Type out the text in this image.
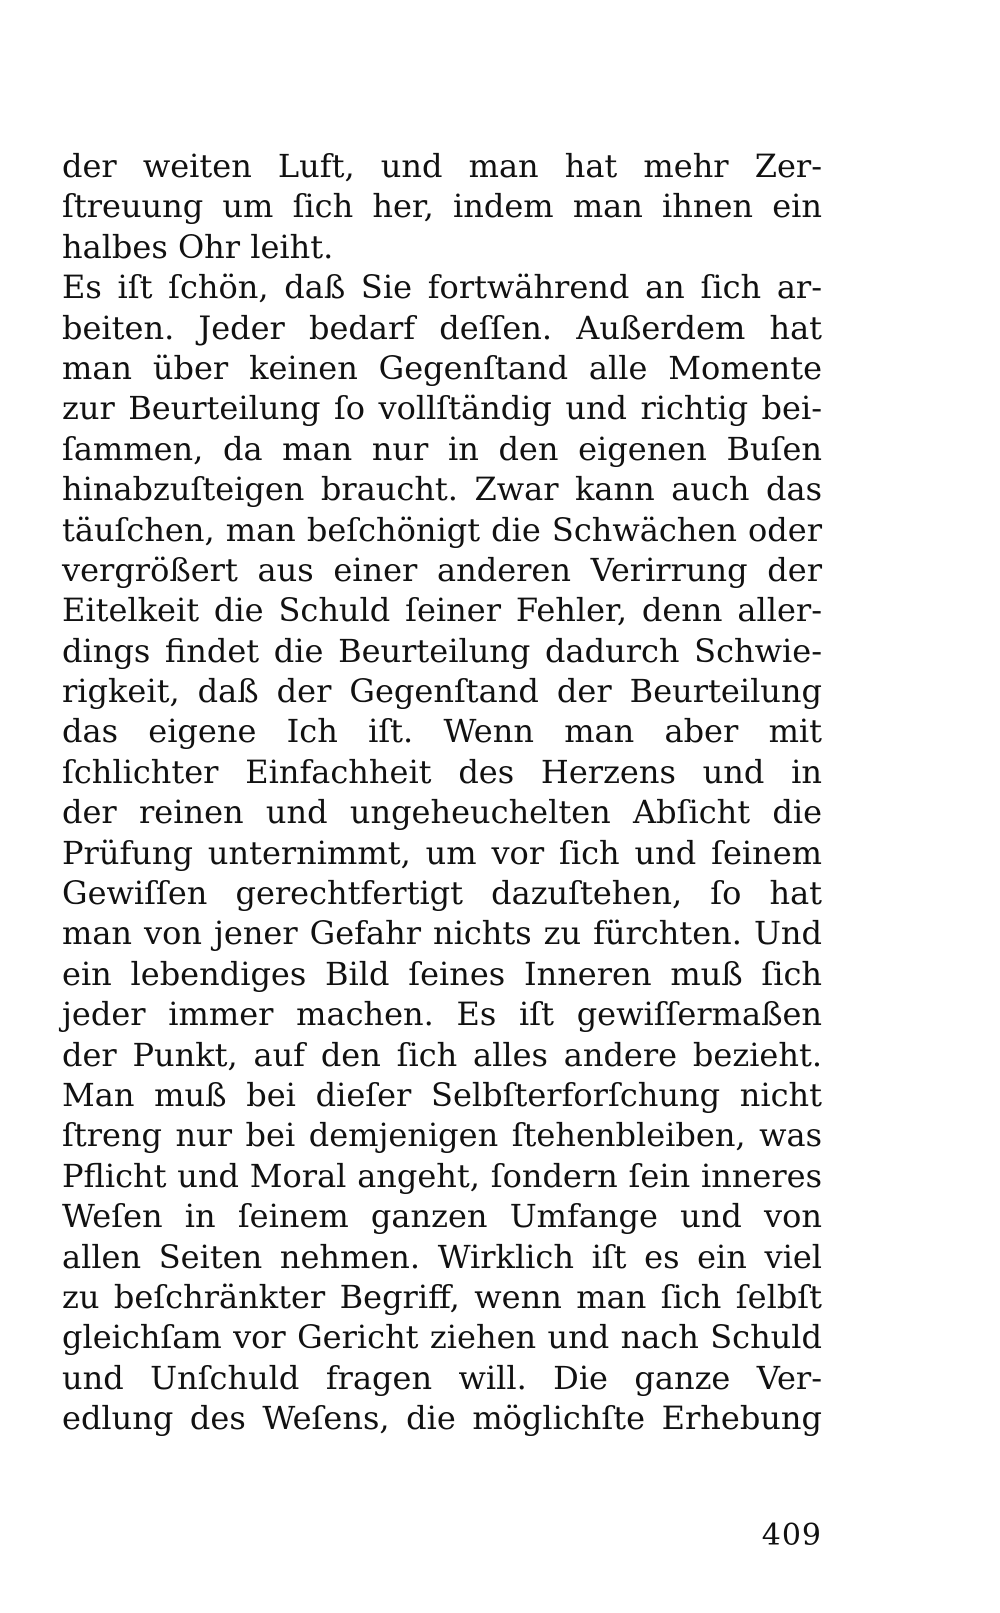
der weiten Luft, und man hat mehr Zer-
ſtreuung um ſich her, indem man ihnen ein
halbes Ohr leiht.
Es iſt ſchön, daß Sie fortwährend an ſich ar-
beiten. Jeder bedarf deſſen. Außerdem hat
man über keinen Gegenſtand alle Momente
zur Beurteilung ſo vollſtändig und richtig bei-
ſammen, da man nur in den eigenen Buſen
hinabzuſteigen braucht. Zwar kann auch das
täuſchen, man beſchönigt die Schwächen oder
vergrößert aus einer anderen Verirrung der
Eitelkeit die Schuld ſeiner Fehler, denn aller-
dings findet die Beurteilung dadurch Schwie-
rigkeit, daß der Gegenſtand der Beurteilung
das eigene Ich iſt. Wenn man aber mit
ſchlichter Einfachheit des Herzens und in
der reinen und ungeheuchelten Abſicht die
Prüfung unternimmt, um vor ſich und ſeinem
Gewiſſen gerechtfertigt dazuſtehen, ſo hat
man von jener Gefahr nichts zu fürchten. Und
ein lebendiges Bild ſeines Inneren muß ſich
jeder immer machen. Es iſt gewiſſermaßen
der Punkt, auf den ſich alles andere bezieht.
Man muß bei dieſer Selbſterforſchung nicht
ſtreng nur bei demjenigen ſtehenbleiben, was
Pflicht und Moral angeht, ſondern ſein inneres
Weſen in ſeinem ganzen Umfange und von
allen Seiten nehmen. Wirklich iſt es ein viel
zu beſchränkter Begriff, wenn man ſich ſelbſt
gleichſam vor Gericht ziehen und nach Schuld
und Unſchuld fragen will. Die ganze Ver-
edlung des Weſens, die möglichſte Erhebung
409
